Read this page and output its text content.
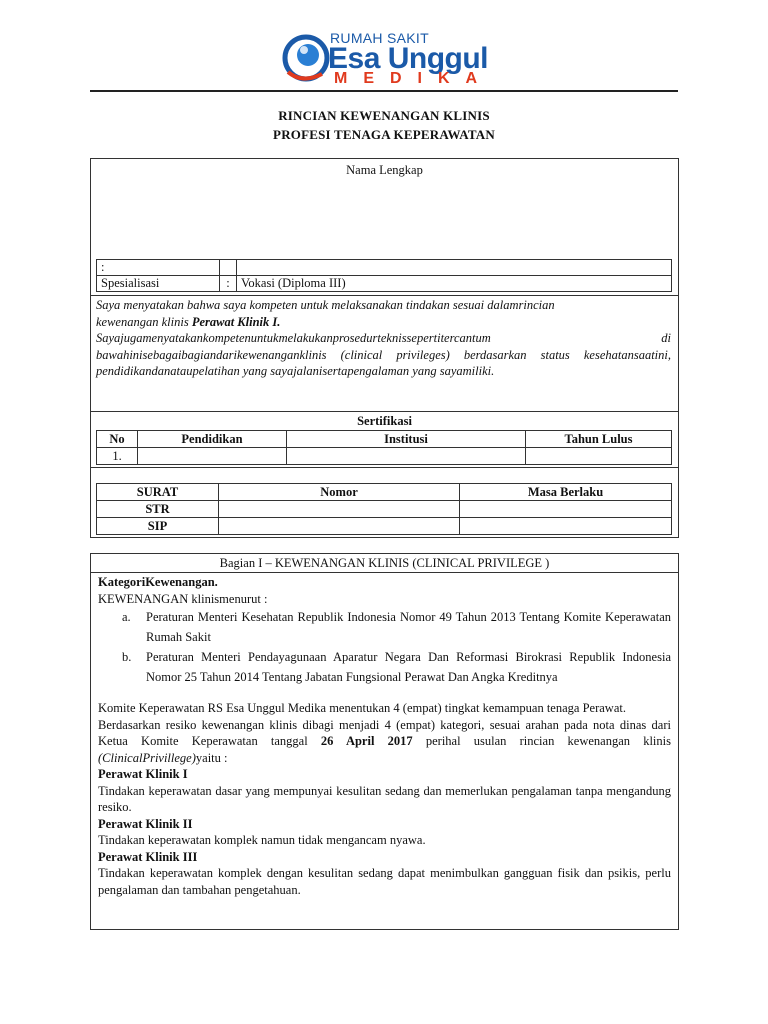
RUMAH SAKIT
Esa Unggul
MEDIKA
RINCIAN KEWENANGAN KLINIS
PROFESI TENAGA KEPERAWATAN
Nama Lengkap
:		
Spesialisasi	:	Vokasi (Diploma III)
Saya menyatakan bahwa saya kompeten untuk melaksanakan tindakan sesuai dalamrincian
kewenangan klinis Perawat Klinik I.
Sayajugamenyatakankompetenuntukmelakukanprosedurteknissepertitercantum di bawahinisebagaibagiandarikewenanganklinis (clinical privileges) berdasarkan status kesehatansaatini, pendidikandanataupelatihan yang sayajalanisertapengalaman yang sayamiliki.
Sertifikasi
No	Pendidikan	Institusi	Tahun Lulus
1.			
SURAT	Nomor	Masa Berlaku
STR		
SIP		
Bagian I – KEWENANGAN KLINIS (CLINICAL PRIVILEGE )
KategoriKewenangan.
KEWENANGAN klinismenurut :
a.	Peraturan Menteri Kesehatan Republik Indonesia Nomor 49 Tahun 2013 Tentang Komite Keperawatan Rumah Sakit
b.	Peraturan Menteri Pendayagunaan Aparatur Negara Dan Reformasi Birokrasi Republik Indonesia Nomor 25 Tahun 2014 Tentang Jabatan Fungsional Perawat Dan Angka Kreditnya
Komite Keperawatan RS Esa Unggul Medika menentukan 4 (empat) tingkat kemampuan tenaga Perawat.
Berdasarkan resiko kewenangan klinis dibagi menjadi 4 (empat) kategori, sesuai arahan pada nota dinas dari Ketua Komite Keperawatan tanggal 26 April 2017 perihal usulan rincian kewenangan klinis (ClinicalPrivillege)yaitu :
Perawat Klinik I
Tindakan keperawatan dasar yang mempunyai kesulitan sedang dan memerlukan pengalaman tanpa mengandung resiko.
Perawat Klinik II
Tindakan keperawatan komplek namun tidak mengancam nyawa.
Perawat Klinik III
Tindakan keperawatan komplek dengan kesulitan sedang dapat menimbulkan gangguan fisik dan psikis, perlu pengalaman dan tambahan pengetahuan.
